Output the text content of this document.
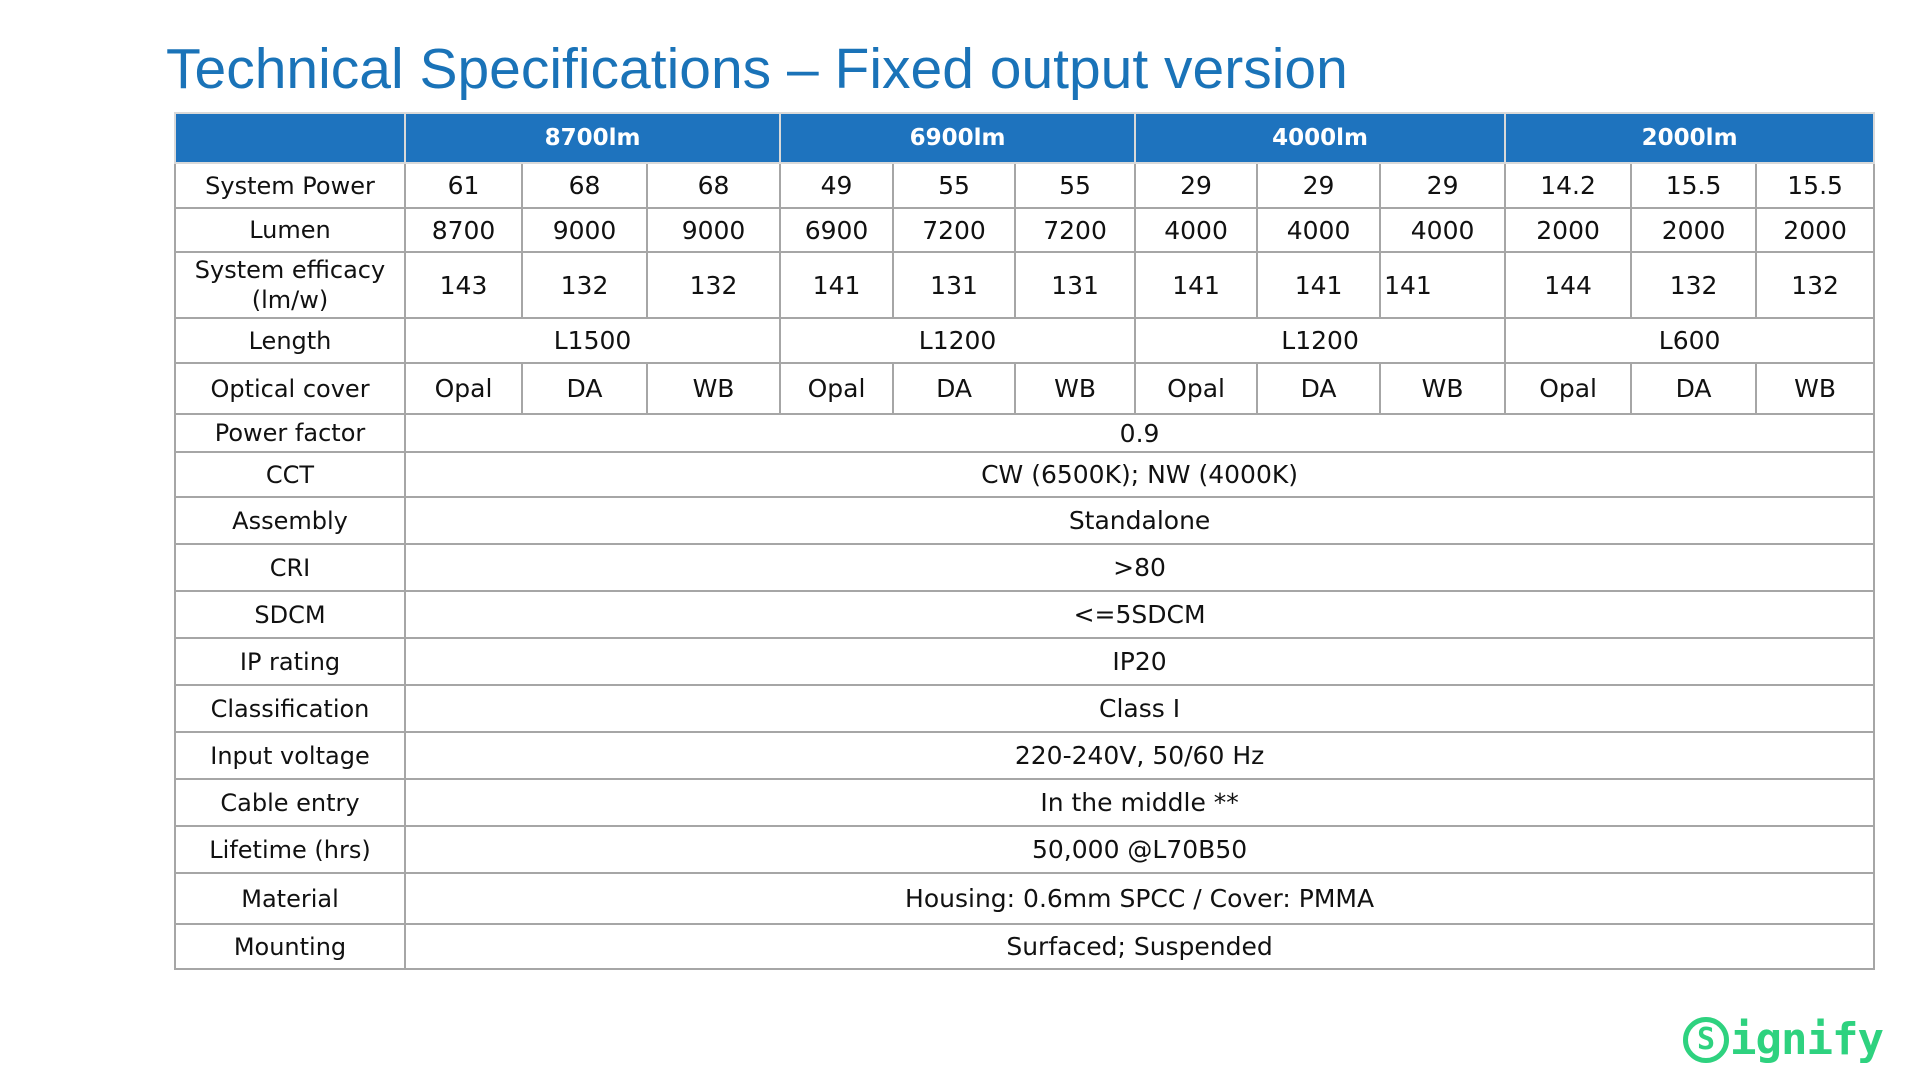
Technical Specifications – Fixed output version
	8700lm			6900lm			4000lm			2000lm		
System Power	61	68	68	49	55	55	29	29	29	14.2	15.5	15.5
Lumen	8700	9000	9000	6900	7200	7200	4000	4000	4000	2000	2000	2000
System efficacy (lm/w)	143	132	132	141	131	131	141	141	141	144	132	132
Length	L1500			L1200			L1200			L600		
Optical cover	Opal	DA	WB	Opal	DA	WB	Opal	DA	WB	Opal	DA	WB
Power factor	0.9											
CCT	CW (6500K); NW (4000K)											
Assembly	Standalone											
CRI	>80											
SDCM	<=5SDCM											
IP rating	IP20											
Classification	Class I											
Input voltage	220-240V, 50/60 Hz											
Cable entry	In the middle **											
Lifetime (hrs)	50,000 @L70B50											
Material	Housing: 0.6mm SPCC / Cover: PMMA											
Mounting	Surfaced; Suspended											
S ignify
